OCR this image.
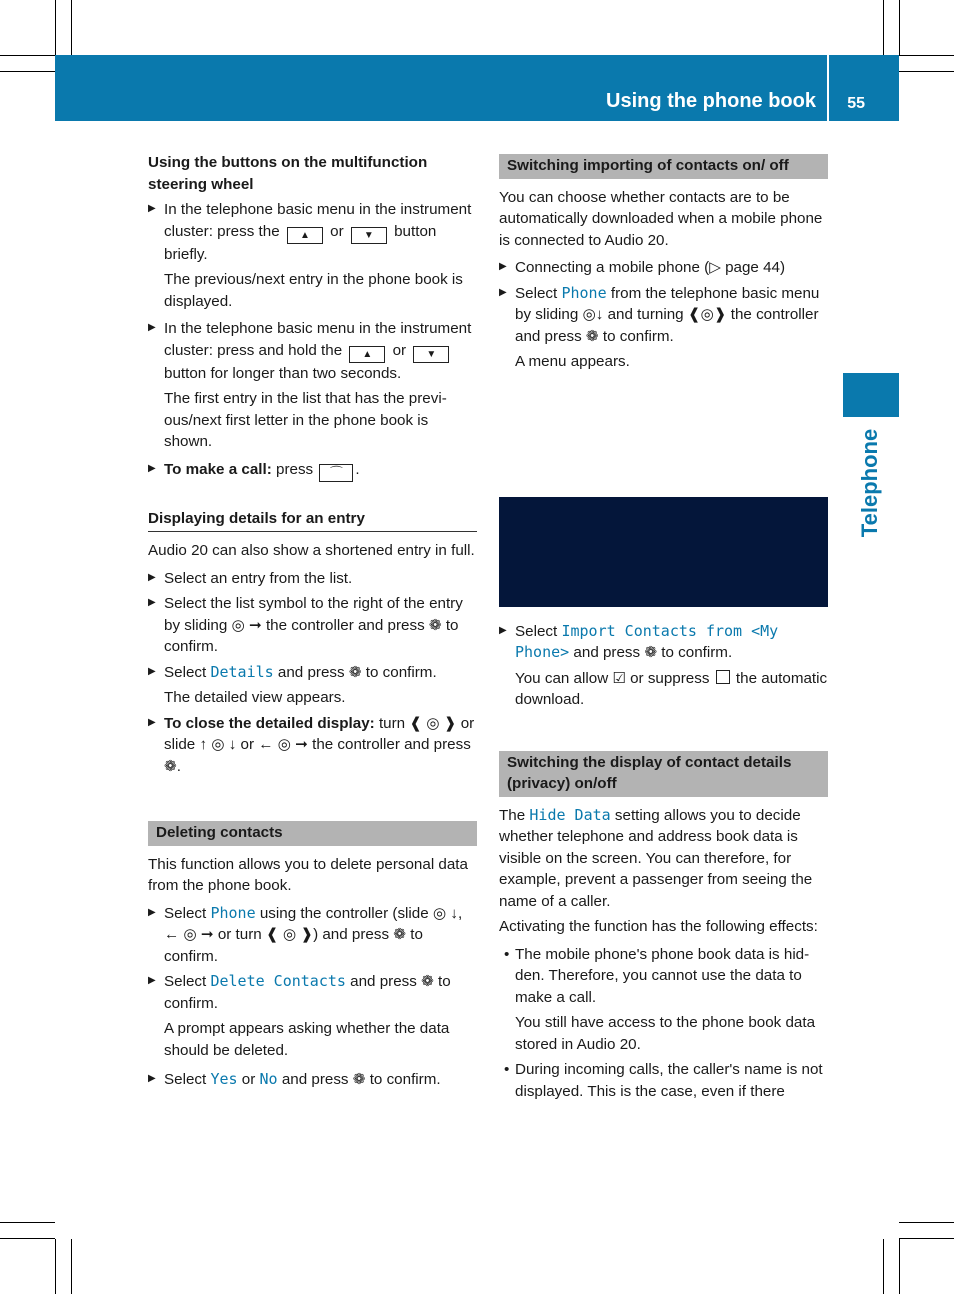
Using the phone book 55
Telephone

Using the buttons on the multifunction steering wheel

▶ In the telephone basic menu in the instrument cluster: press the ▲ or ▼ button briefly.

The previous/next entry in the phone book is displayed.

▶ In the telephone basic menu in the instrument cluster: press and hold the ▲ or ▼ button for longer than two seconds.

The first entry in the list that has the previous/next first letter in the phone book is shown.

▶ To make a call: press ⌒ .

Displaying details for an entry

Audio 20 can also show a shortened entry in full.

▶ Select an entry from the list.

▶ Select the list symbol to the right of the entry by sliding ◎ ➞ the controller and press ❁ to confirm.

▶ Select Details and press ❁ to confirm.

The detailed view appears.

▶ To close the detailed display: turn ❰ ◎ ❱ or slide ↑ ◎ ↓ or ← ◎ ➞ the controller and press ❁.

Deleting contacts

This function allows you to delete personal data from the phone book.

▶ Select Phone using the controller (slide ◎ ↓, ← ◎ ➞ or turn ❰ ◎ ❱) and press ❁ to confirm.

▶ Select Delete Contacts and press ❁ to confirm.

A prompt appears asking whether the data should be deleted.

▶ Select Yes or No and press ❁ to confirm.

Switching importing of contacts on/ off

You can choose whether contacts are to be automatically downloaded when a mobile phone is connected to Audio 20.

▶ Connecting a mobile phone (▷ page 44)

▶ Select Phone from the telephone basic menu by sliding ◎↓ and turning ❰◎❱ the controller and press ❁ to confirm.

A menu appears.

▶ Select Import Contacts from <My Phone> and press ❁ to confirm.

You can allow ☑ or suppress the automatic download.

Switching the display of contact details (privacy) on/off

The Hide Data setting allows you to decide whether telephone and address book data is visible on the screen. You can therefore, for example, prevent a passenger from seeing the name of a caller.

Activating the function has the following effects:

• The mobile phone's phone book data is hidden. Therefore, you cannot use the data to make a call.

You still have access to the phone book data stored in Audio 20.

• During incoming calls, the caller's name is not displayed. This is the case, even if there
